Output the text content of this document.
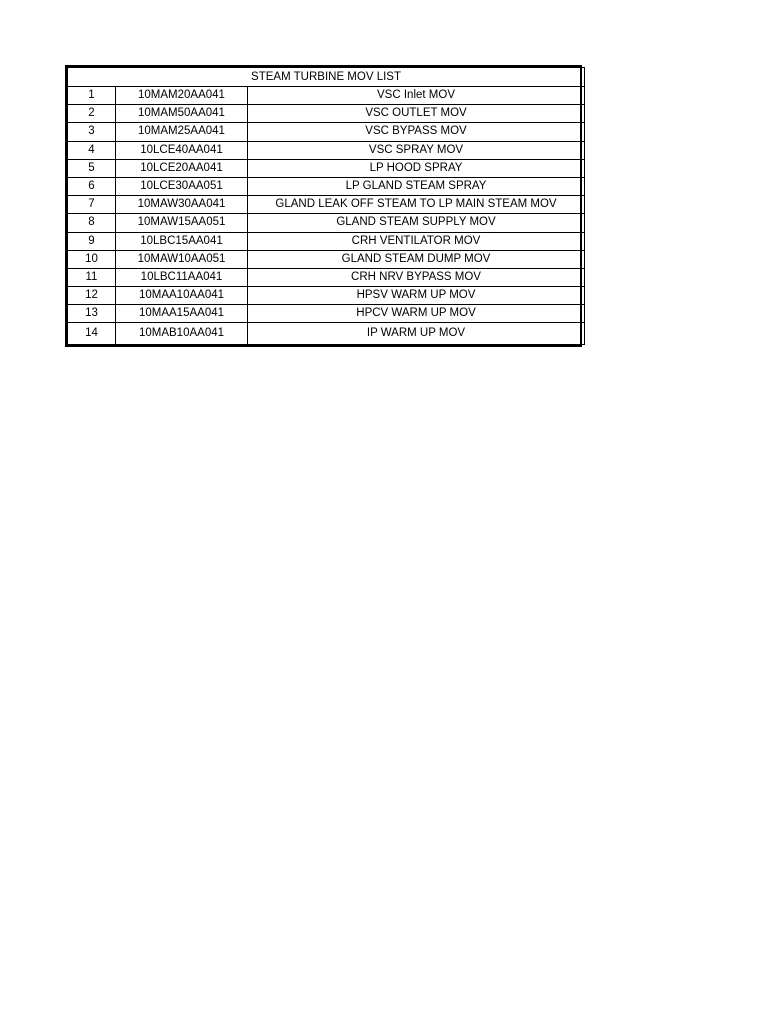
STEAM TURBINE MOV LIST		
1	10MAM20AA041	VSC Inlet MOV
2	10MAM50AA041	VSC OUTLET MOV
3	10MAM25AA041	VSC BYPASS MOV
4	10LCE40AA041	VSC SPRAY MOV
5	10LCE20AA041	LP HOOD SPRAY
6	10LCE30AA051	LP GLAND STEAM SPRAY
7	10MAW30AA041	GLAND LEAK OFF STEAM TO LP MAIN STEAM MOV
8	10MAW15AA051	GLAND STEAM SUPPLY MOV
9	10LBC15AA041	CRH VENTILATOR MOV
10	10MAW10AA051	GLAND STEAM DUMP MOV
11	10LBC11AA041	CRH NRV BYPASS MOV
12	10MAA10AA041	HPSV WARM UP MOV
13	10MAA15AA041	HPCV WARM UP MOV
14	10MAB10AA041	IP WARM UP MOV
